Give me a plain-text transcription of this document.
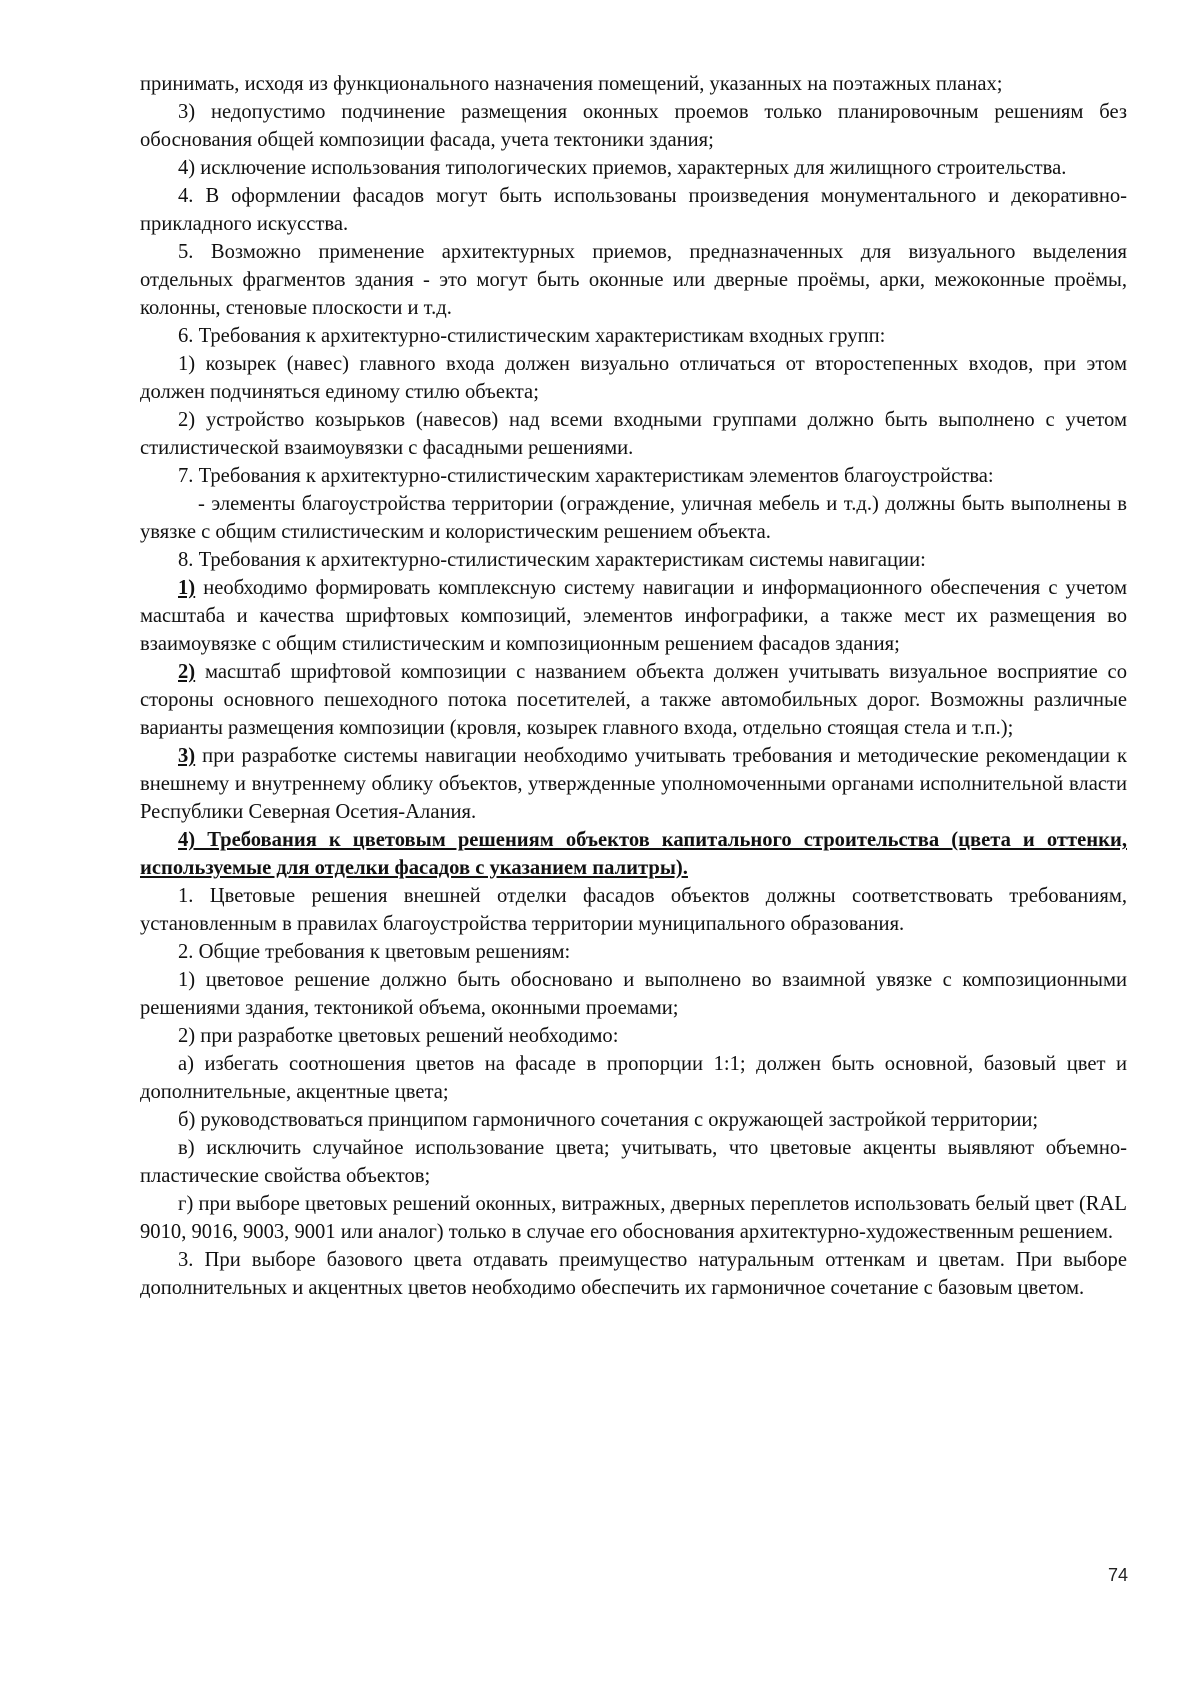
принимать, исходя из функционального назначения помещений, указанных на поэтажных планах;

3) недопустимо подчинение размещения оконных проемов только планировочным решениям без обоснования общей композиции фасада, учета тектоники здания;

4) исключение использования типологических приемов, характерных для жилищного строительства.

4. В оформлении фасадов могут быть использованы произведения монументального и декоративно-прикладного искусства.

5. Возможно применение архитектурных приемов, предназначенных для визуального выделения отдельных фрагментов здания - это могут быть оконные или дверные проёмы, арки, межоконные проёмы, колонны, стеновые плоскости и т.д.

6. Требования к архитектурно-стилистическим характеристикам входных групп:

1) козырек (навес) главного входа должен визуально отличаться от второстепенных входов, при этом должен подчиняться единому стилю объекта;

2) устройство козырьков (навесов) над всеми входными группами должно быть выполнено с учетом стилистической взаимоувязки с фасадными решениями.

7. Требования к архитектурно-стилистическим характеристикам элементов благоустройства:

- элементы благоустройства территории (ограждение, уличная мебель и т.д.) должны быть выполнены в увязке с общим стилистическим и колористическим решением объекта.

8. Требования к архитектурно-стилистическим характеристикам системы навигации:

1) необходимо формировать комплексную систему навигации и информационного обеспечения с учетом масштаба и качества шрифтовых композиций, элементов инфографики, а также мест их размещения во взаимоувязке с общим стилистическим и композиционным решением фасадов здания;

2) масштаб шрифтовой композиции с названием объекта должен учитывать визуальное восприятие со стороны основного пешеходного потока посетителей, а также автомобильных дорог. Возможны различные варианты размещения композиции (кровля, козырек главного входа, отдельно стоящая стела и т.п.);

3) при разработке системы навигации необходимо учитывать требования и методические рекомендации к внешнему и внутреннему облику объектов, утвержденные уполномоченными органами исполнительной власти Республики Северная Осетия-Алания.

4) Требования к цветовым решениям объектов капитального строительства (цвета и оттенки, используемые для отделки фасадов с указанием палитры).

1. Цветовые решения внешней отделки фасадов объектов должны соответствовать требованиям, установленным в правилах благоустройства территории муниципального образования.

2. Общие требования к цветовым решениям:

1) цветовое решение должно быть обосновано и выполнено во взаимной увязке с композиционными решениями здания, тектоникой объема, оконными проемами;

2) при разработке цветовых решений необходимо:

а) избегать соотношения цветов на фасаде в пропорции 1:1; должен быть основной, базовый цвет и дополнительные, акцентные цвета;

б) руководствоваться принципом гармоничного сочетания с окружающей застройкой территории;

в) исключить случайное использование цвета; учитывать, что цветовые акценты выявляют объемно-пластические свойства объектов;

г) при выборе цветовых решений оконных, витражных, дверных переплетов использовать белый цвет (RAL 9010, 9016, 9003, 9001 или аналог) только в случае его обоснования архитектурно-художественным решением.

3. При выборе базового цвета отдавать преимущество натуральным оттенкам и цветам. При выборе дополнительных и акцентных цветов необходимо обеспечить их гармоничное сочетание с базовым цветом.

74
